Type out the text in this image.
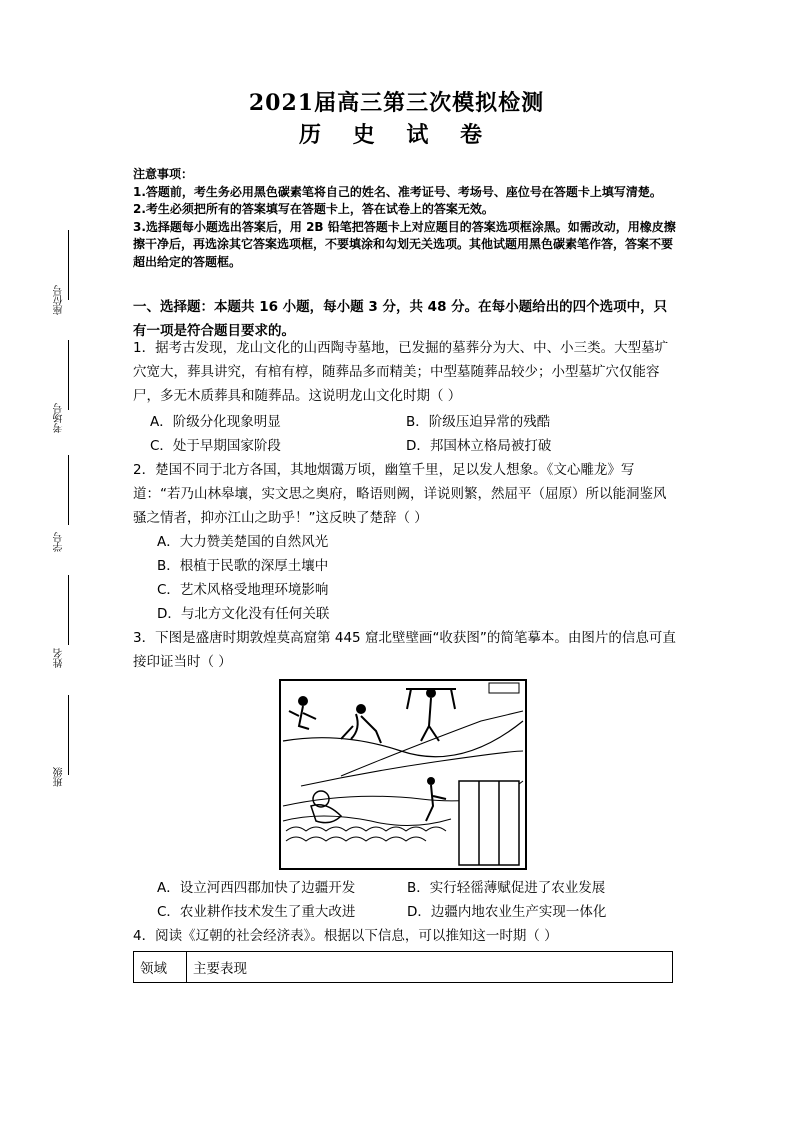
座位号
考场号
学号
姓名
班级
2021届高三第三次模拟检测
历 史 试 卷
注意事项：
1.答题前，考生务必用黑色碳素笔将自己的姓名、准考证号、考场号、座位号在答题卡上填写清楚。
2.考生必须把所有的答案填写在答题卡上，答在试卷上的答案无效。
3.选择题每小题选出答案后，用 2B 铅笔把答题卡上对应题目的答案选项框涂黑。如需改动，用橡皮擦擦干净后，再选涂其它答案选项框，不要填涂和勾划无关选项。其他试题用黑色碳素笔作答，答案不要超出给定的答题框。
一、选择题：本题共 16 小题，每小题 3 分，共 48 分。在每小题给出的四个选项中，只有一项是符合题目要求的。
1．据考古发现，龙山文化的山西陶寺墓地，已发掘的墓葬分为大、中、小三类。大型墓圹穴宽大，葬具讲究，有棺有椁，随葬品多而精美；中型墓随葬品较少；小型墓圹穴仅能容尸，多无木质葬具和随葬品。这说明龙山文化时期（ ）
A．阶级分化现象明显	B．阶级压迫异常的残酷
C．处于早期国家阶段	D．邦国林立格局被打破
2．楚国不同于北方各国，其地烟霭万顷，幽篁千里，足以发人想象。《文心雕龙》写道：“若乃山林皋壤，实文思之奥府，略语则阙，详说则繁，然屈平（屈原）所以能洞鉴风骚之情者，抑亦江山之助乎！”这反映了楚辞（ ）
A．大力赞美楚国的自然风光
B．根植于民歌的深厚土壤中
C．艺术风格受地理环境影响
D．与北方文化没有任何关联
3．下图是盛唐时期敦煌莫高窟第 445 窟北壁壁画“收获图”的简笔摹本。由图片的信息可直接印证当时（ ）
A．设立河西四郡加快了边疆开发	B．实行轻徭薄赋促进了农业发展
C．农业耕作技术发生了重大改进	D．边疆内地农业生产实现一体化
4．阅读《辽朝的社会经济表》。根据以下信息，可以推知这一时期（ ）
领域	主要表现
